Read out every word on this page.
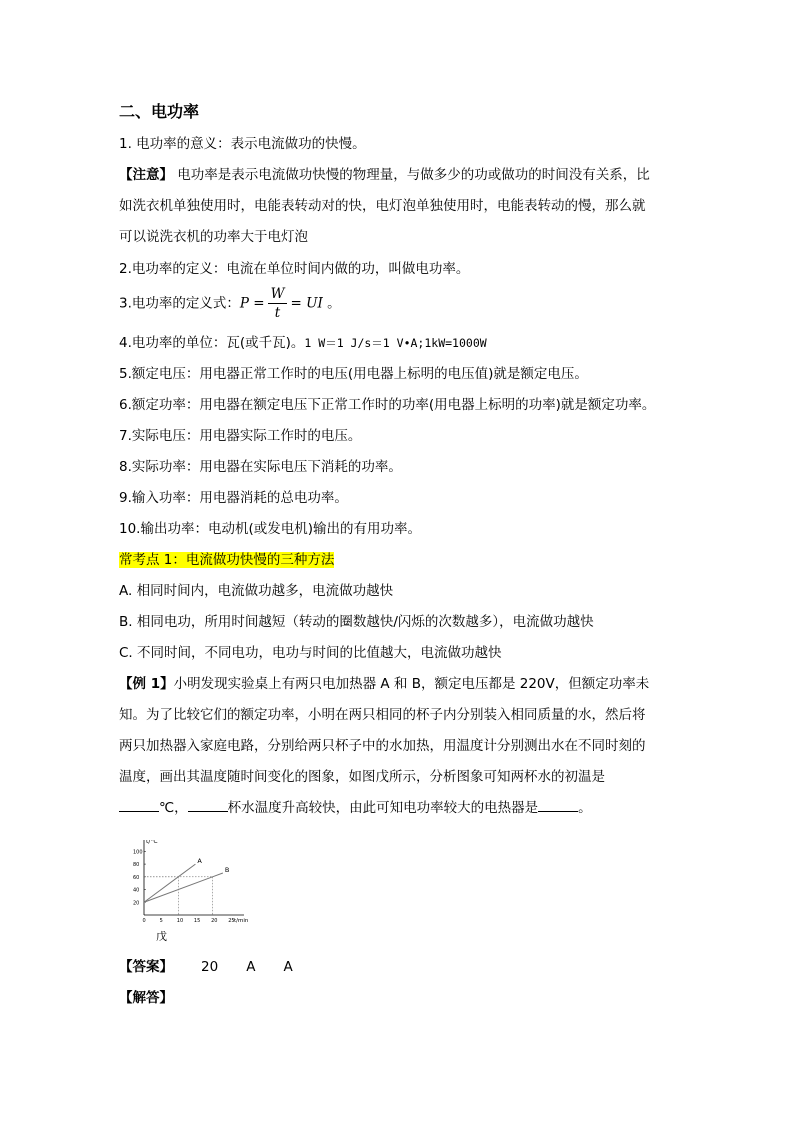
二、电功率
1. 电功率的意义：表示电流做功的快慢。
【注意】 电功率是表示电流做功快慢的物理量，与做多少的功或做功的时间没有关系，比
如洗衣机单独使用时，电能表转动对的快，电灯泡单独使用时，电能表转动的慢，那么就
可以说洗衣机的功率大于电灯泡
2.电功率的定义：电流在单位时间内做的功，叫做电功率。
3.电功率的定义式：$P = \frac{W}{t}$ = UI 。
4.电功率的单位：瓦(或千瓦)。1 W＝1 J/s＝1 V•A;1kW=1000W
5.额定电压：用电器正常工作时的电压(用电器上标明的电压值)就是额定电压。
6.额定功率：用电器在额定电压下正常工作时的功率(用电器上标明的功率)就是额定功率。
7.实际电压：用电器实际工作时的电压。
8.实际功率：用电器在实际电压下消耗的功率。
9.输入功率：用电器消耗的总电功率。
10.输出功率：电动机(或发电机)输出的有用功率。
常考点 1：电流做功快慢的三种方法
A. 相同时间内，电流做功越多，电流做功越快
B. 相同电功，所用时间越短（转动的圈数越快/闪烁的次数越多），电流做功越快
C. 不同时间，不同电功，电功与时间的比值越大，电流做功越快
【例 1】小明发现实验桌上有两只电加热器 A 和 B，额定电压都是 220V，但额定功率未
知。为了比较它们的额定功率，小明在两只相同的杯子内分别装入相同质量的水，然后将
两只加热器入家庭电路，分别给两只杯子中的水加热，用温度计分别测出水在不同时刻的
温度，画出其温度随时间变化的图象，如图戊所示，分析图象可知两杯水的初温是
℃，	杯水温度升高较快，由此可知电功率较大的电热器是	。
t/°C
t/min
0	5	10 15 20 25
20
40
60
80
100
A
B
戊
【答案】 20 A A
【解答】
